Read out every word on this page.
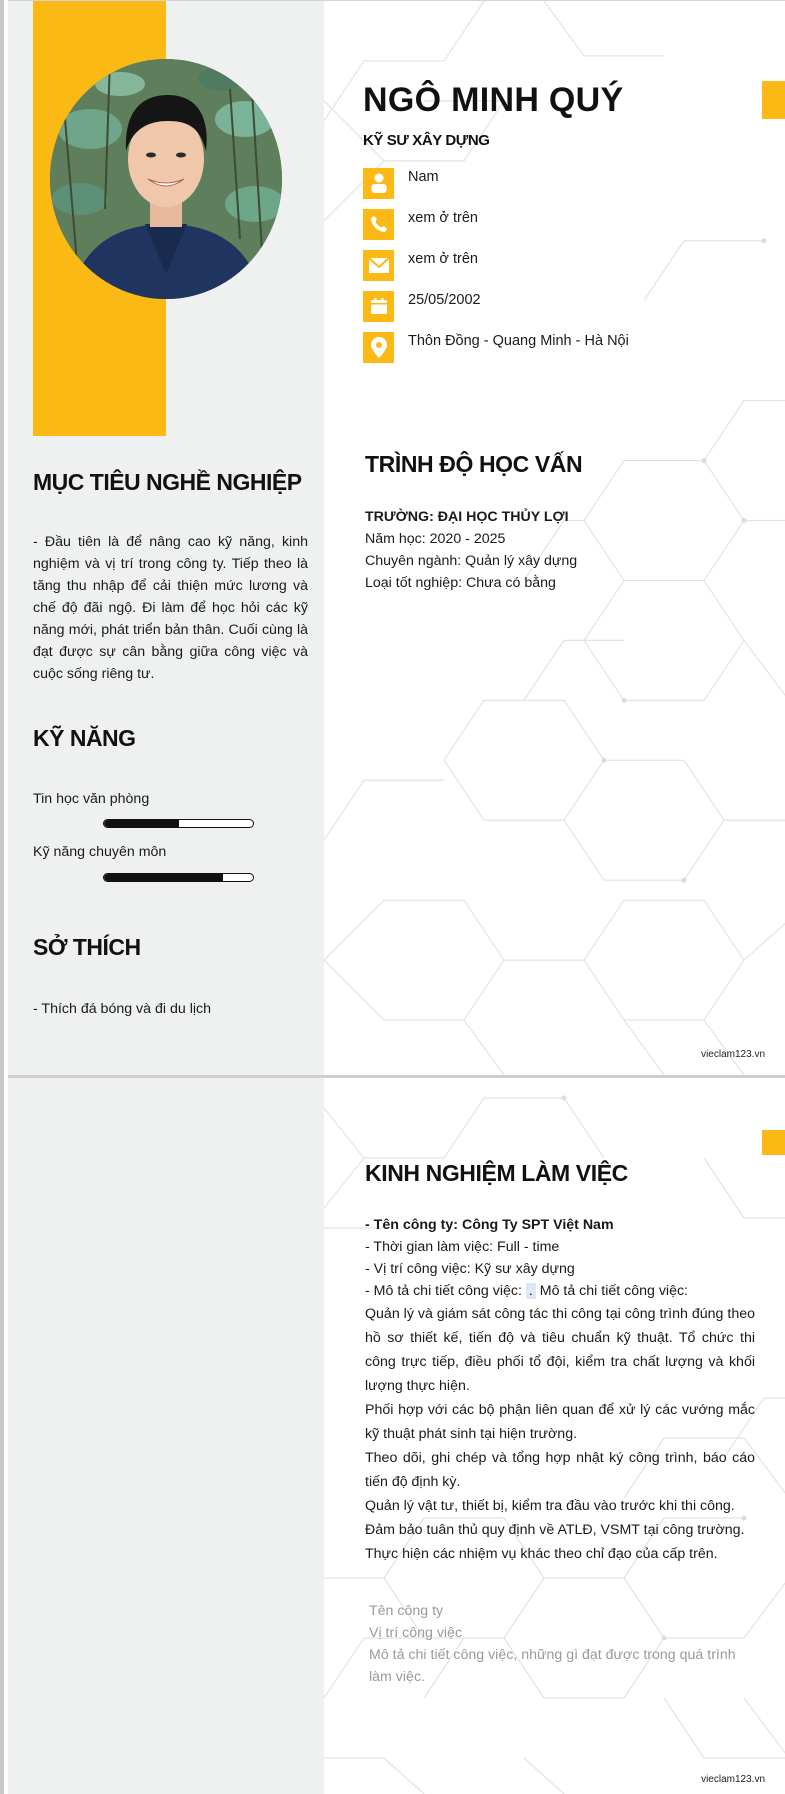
NGÔ MINH QUÝ
KỸ SƯ XÂY DỰNG
Nam
xem ở trên
xem ở trên
25/05/2002
Thôn Đồng - Quang Minh - Hà Nội
MỤC TIÊU NGHỀ NGHIỆP
- Đầu tiên là để nâng cao kỹ năng, kinh nghiệm và vị trí trong công ty. Tiếp theo là tăng thu nhập để cải thiện mức lương và chế độ đãi ngộ. Đi làm để học hỏi các kỹ năng mới, phát triển bản thân. Cuối cùng là đạt được sự cân bằng giữa công việc và cuộc sống riêng tư.
KỸ NĂNG
Tin học văn phòng
Kỹ năng chuyên môn
SỞ THÍCH
- Thích đá bóng và đi du lịch
TRÌNH ĐỘ HỌC VẤN
TRƯỜNG: ĐẠI HỌC THỦY LỢI
Năm học: 2020 - 2025
Chuyên ngành: Quản lý xây dựng
Loại tốt nghiệp: Chưa có bằng
vieclam123.vn
KINH NGHIỆM LÀM VIỆC
- Tên công ty: Công Ty SPT Việt Nam
- Thời gian làm việc: Full - time
- Vị trí công việc: Kỹ sư xây dựng
- Mô tả chi tiết công việc: . Mô tả chi tiết công việc:
Quản lý và giám sát công tác thi công tại công trình đúng theo hồ sơ thiết kế, tiến độ và tiêu chuẩn kỹ thuật. Tổ chức thi công trực tiếp, điều phối tổ đội, kiểm tra chất lượng và khối lượng thực hiện.
Phối hợp với các bộ phận liên quan để xử lý các vướng mắc kỹ thuật phát sinh tại hiện trường.
Theo dõi, ghi chép và tổng hợp nhật ký công trình, báo cáo tiến độ định kỳ.
Quản lý vật tư, thiết bị, kiểm tra đầu vào trước khi thi công.
Đảm bảo tuân thủ quy định về ATLĐ, VSMT tại công trường.
Thực hiện các nhiệm vụ khác theo chỉ đạo của cấp trên.
Tên công ty
Vị trí công việc
Mô tả chi tiết công việc, những gì đạt được trong quá trình làm việc.
vieclam123.vn
